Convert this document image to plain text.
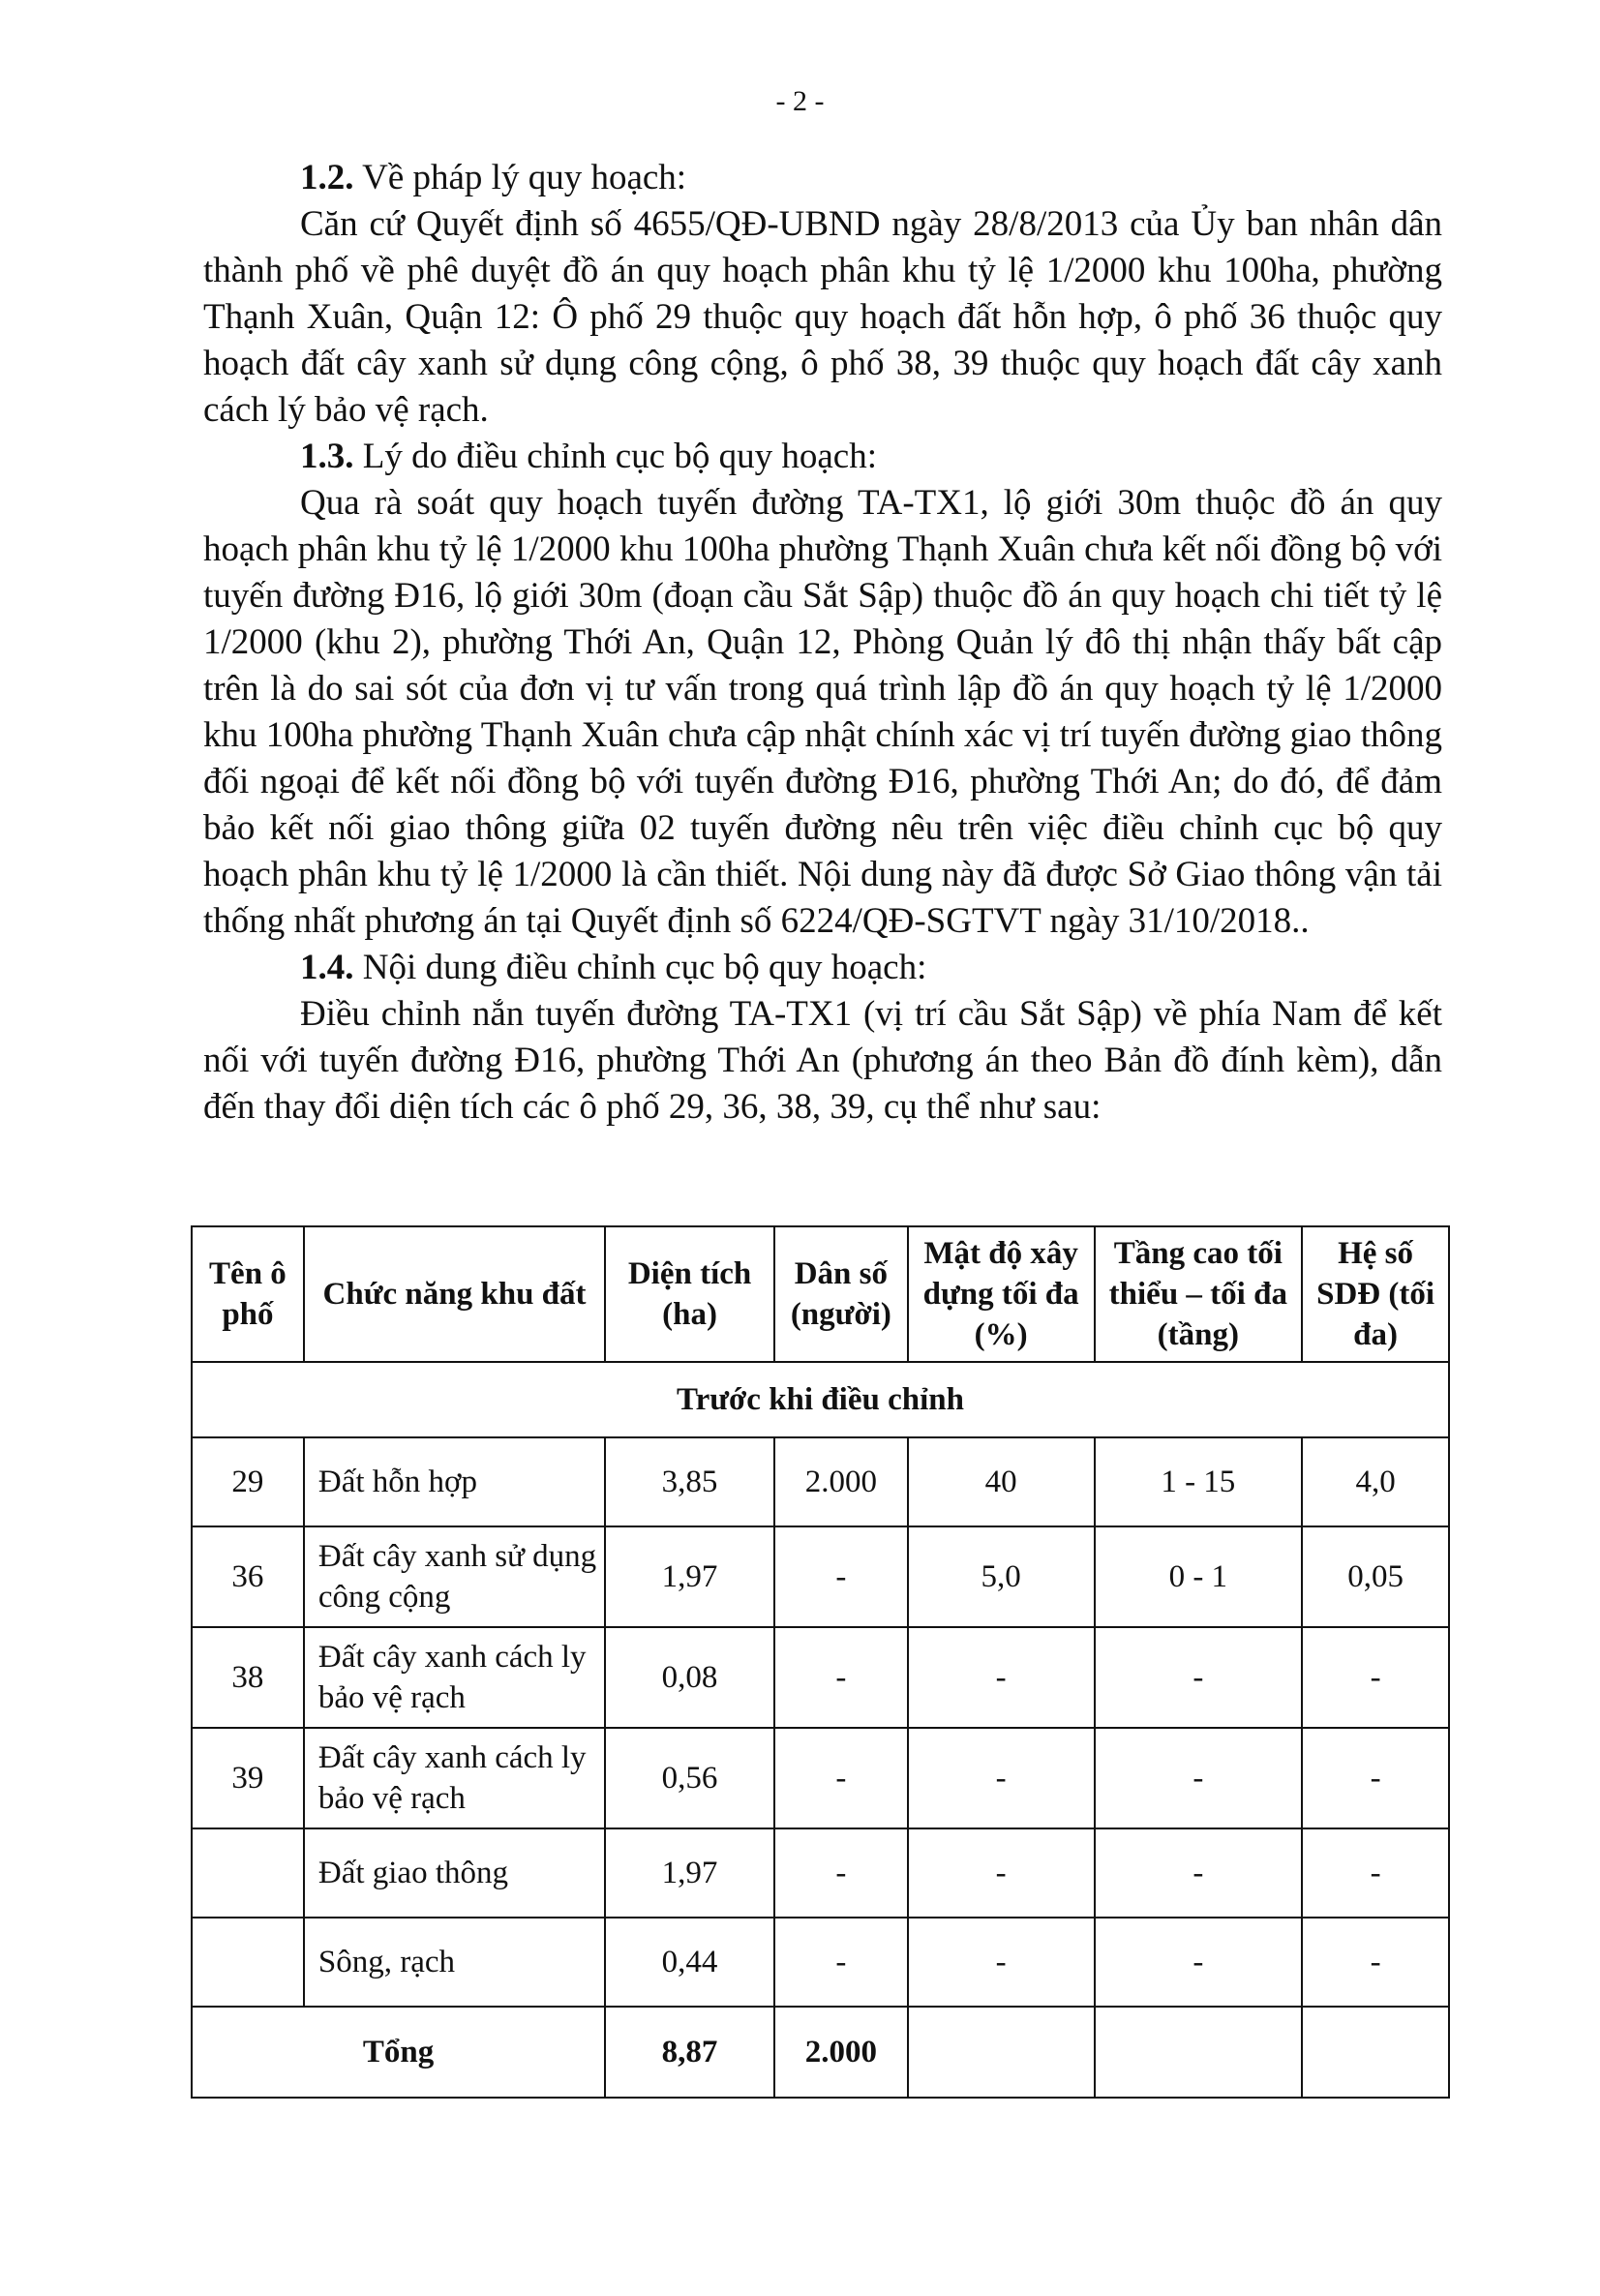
- 2 -

1.2. Về pháp lý quy hoạch:

Căn cứ Quyết định số 4655/QĐ-UBND ngày 28/8/2013 của Ủy ban nhân dân thành phố về phê duyệt đồ án quy hoạch phân khu tỷ lệ 1/2000 khu 100ha, phường Thạnh Xuân, Quận 12: Ô phố 29 thuộc quy hoạch đất hỗn hợp, ô phố 36 thuộc quy hoạch đất cây xanh sử dụng công cộng, ô phố 38, 39 thuộc quy hoạch đất cây xanh cách lý bảo vệ rạch.

1.3. Lý do điều chỉnh cục bộ quy hoạch:

Qua rà soát quy hoạch tuyến đường TA-TX1, lộ giới 30m thuộc đồ án quy hoạch phân khu tỷ lệ 1/2000 khu 100ha phường Thạnh Xuân chưa kết nối đồng bộ với tuyến đường Đ16, lộ giới 30m (đoạn cầu Sắt Sập) thuộc đồ án quy hoạch chi tiết tỷ lệ 1/2000 (khu 2), phường Thới An, Quận 12, Phòng Quản lý đô thị nhận thấy bất cập trên là do sai sót của đơn vị tư vấn trong quá trình lập đồ án quy hoạch tỷ lệ 1/2000 khu 100ha phường Thạnh Xuân chưa cập nhật chính xác vị trí tuyến đường giao thông đối ngoại để kết nối đồng bộ với tuyến đường Đ16, phường Thới An; do đó, để đảm bảo kết nối giao thông giữa 02 tuyến đường nêu trên việc điều chỉnh cục bộ quy hoạch phân khu tỷ lệ 1/2000 là cần thiết. Nội dung này đã được Sở Giao thông vận tải thống nhất phương án tại Quyết định số 6224/QĐ-SGTVT ngày 31/10/2018..

1.4. Nội dung điều chỉnh cục bộ quy hoạch:

Điều chỉnh nắn tuyến đường TA-TX1 (vị trí cầu Sắt Sập) về phía Nam để kết nối với tuyến đường Đ16, phường Thới An (phương án theo Bản đồ đính kèm), dẫn đến thay đổi diện tích các ô phố 29, 36, 38, 39, cụ thể như sau:

Tên ô phố	Chức năng khu đất	Diện tích (ha)	Dân số (người)	Mật độ xây dựng tối đa (%)	Tầng cao tối thiểu – tối đa (tầng)	Hệ số SDĐ (tối đa)
Trước khi điều chỉnh						
29	Đất hỗn hợp	3,85	2.000	40	1 - 15	4,0
36	Đất cây xanh sử dụng công cộng	1,97	-	5,0	0 - 1	0,05
38	Đất cây xanh cách ly bảo vệ rạch	0,08	-	-	-	-
39	Đất cây xanh cách ly bảo vệ rạch	0,56	-	-	-	-
	Đất giao thông	1,97	-	-	-	-
	Sông, rạch	0,44	-	-	-	-
Tổng		8,87	2.000			
